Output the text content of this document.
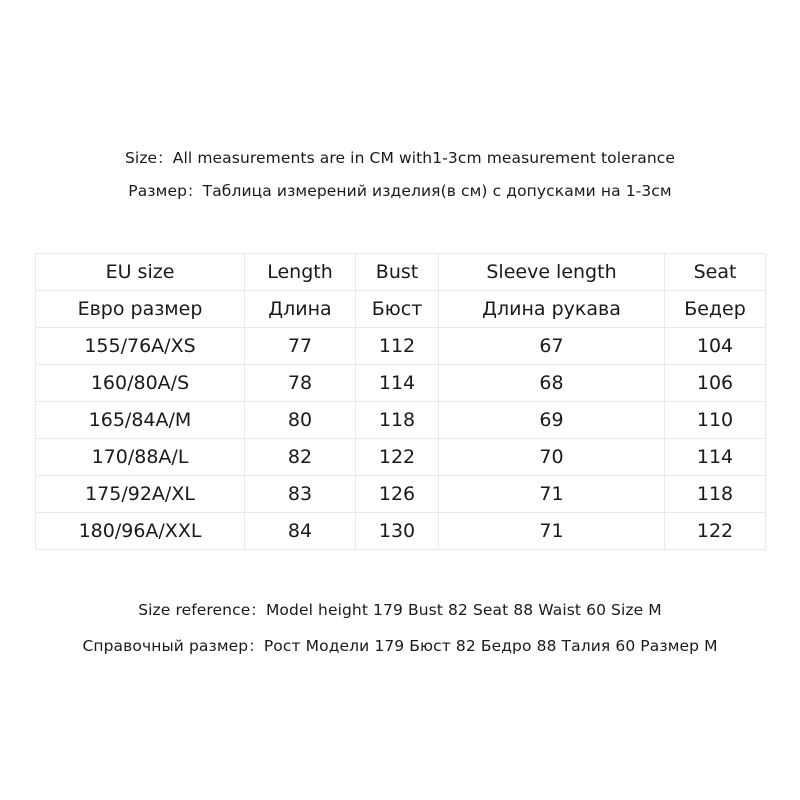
Size：All measurements are in CM with1-3cm measurement tolerance
Размер：Таблица измерений изделия(в см) с допусками на 1-3см
EU size	Length	Bust	Sleeve length	Seat
Евро размер	Длина	Бюст	Длина рукава	Бедер
155/76A/XS	77	112	67	104
160/80A/S	78	114	68	106
165/84A/M	80	118	69	110
170/88A/L	82	122	70	114
175/92A/XL	83	126	71	118
180/96A/XXL	84	130	71	122
Size reference：Model height 179 Bust 82 Seat 88 Waist 60 Size M
Справочный размер：Рост Модели 179 Бюст 82 Бедро 88 Талия 60 Размер M
